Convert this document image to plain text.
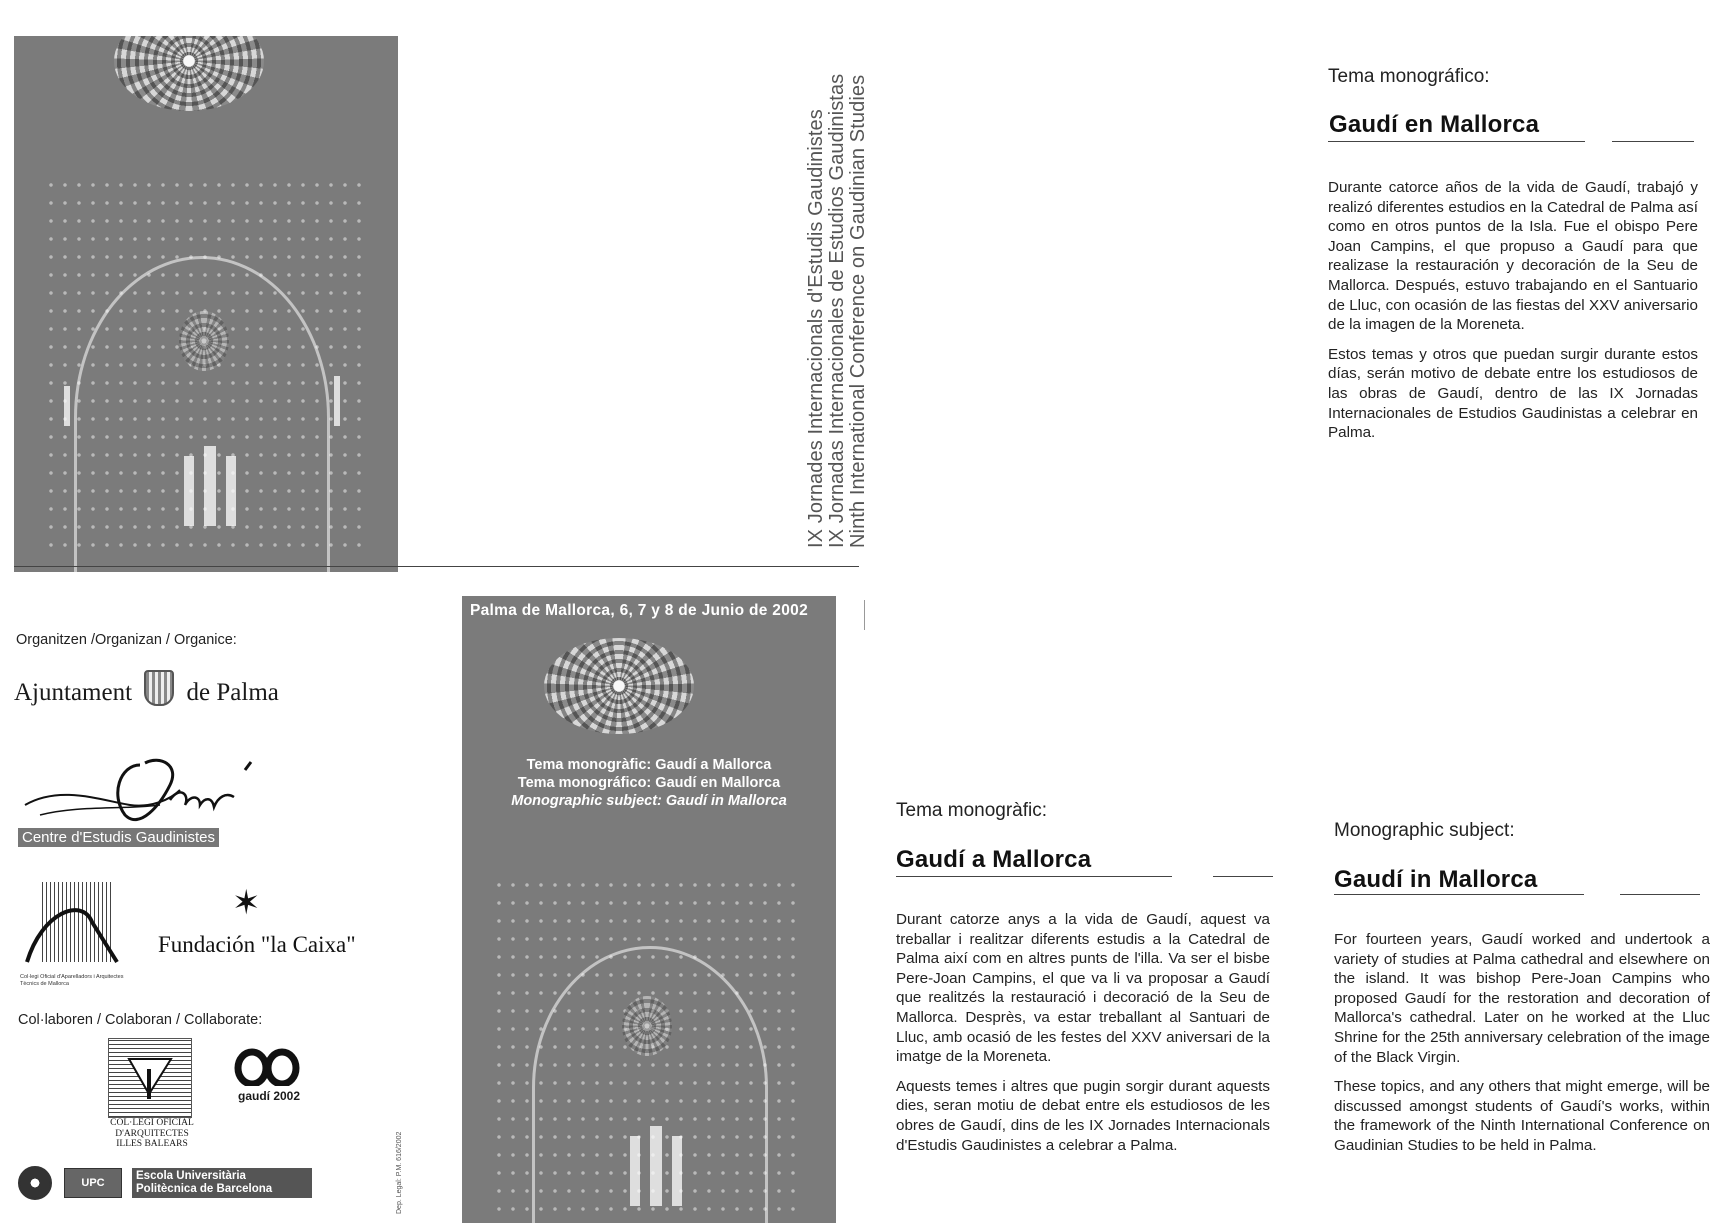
IX Jornades Internacionals d'Estudis Gaudinistes IX Jornadas Internacionales de Estudios Gaudinistas Ninth International Conference on Gaudinian Studies	Tema monográfico:
Gaudí en Mallorca

Durante catorce años de la vida de Gaudí, trabajó y realizó diferentes estudios en la Catedral de Palma así como en otros puntos de la Isla. Fue el obispo Pere Joan Campins, el que propuso a Gaudí para que realizase la restauración y decoración de la Seu de Mallorca. Después, estuvo trabajando en el Santuario de Lluc, con ocasión de las fiestas del XXV aniversario de la imagen de la Moreneta.

Estos temas y otros que puedan surgir durante estos días, serán motivo de debate entre los estudiosos de las obras de Gaudí, dentro de las IX Jornadas Internacionales de Estudios Gaudinistas a celebrar en Palma.

Organitzen /Organizan / Organice:
Ajuntament de Palma
Centre d'Estudis Gaudinistes
Col·legi Oficial d'Aparelladors i Arquitectes Tècnics de Mallorca
✶
Fundación "la Caixa"
Col·laboren / Colaboran / Collaborate:
COL·LEGI OFICIAL
D'ARQUITECTES
ILLES BALEARS
gaudí 2002
UPC
Escola Universitària
Politècnica de Barcelona	Dep. Legal: P.M. 616/2002
Palma de Mallorca, 6, 7 y 8 de Junio de 2002
Tema monogràfic: Gaudí a Mallorca
Tema monográfico: Gaudí en Mallorca
Monographic subject: Gaudí in Mallorca	Tema monogràfic:
Gaudí a Mallorca

Durant catorze anys a la vida de Gaudí, aquest va treballar i realitzar diferents estudis a la Catedral de Palma així com en altres punts de l'illa. Va ser el bisbe Pere-Joan Campins, el que va li va proposar a Gaudí que realitzés la restauració i decoració de la Seu de Mallorca. Desprès, va estar treballant al Santuari de Lluc, amb ocasió de les festes del XXV aniversari de la imatge de la Moreneta.

Aquests temes i altres que pugin sorgir durant aquests dies, seran motiu de debat entre els estudiosos de les obres de Gaudí, dins de les IX Jornades Internacionals d'Estudis Gaudinistes a celebrar a Palma.

Monographic subject:
Gaudí in Mallorca

For fourteen years, Gaudí worked and undertook a variety of studies at Palma cathedral and elsewhere on the island. It was bishop Pere-Joan Campins who proposed Gaudí for the restoration and decoration of Mallorca's cathedral. Later on he worked at the Lluc Shrine for the 25th anniversary celebration of the image of the Black Virgin.

These topics, and any others that might emerge, will be discussed amongst students of Gaudí's works, within the framework of the Ninth International Conference on Gaudinian Studies to be held in Palma.
